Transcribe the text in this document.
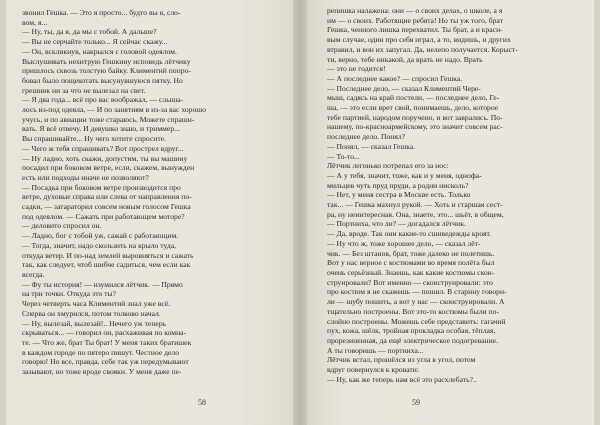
звонил Гешка. — Это я просто... будто вы я, сло-
вом, я...
— Ну, ты, да я, да мы с тобой. А дальше?
— Вы не серчайте только... Я сейчас скажу...
— Он, вскликнув, накрылся с головой одеялом.
Выслушивать нехитрую Гешкину исповедь лётчику
пришлось сквозь толстую байку. Климентий попро-
бовал было пощекотать высунувшуюся пятку. Но
грешник ни за что не вылезал на свет.
— Я два года... всё про вас воображал, — слыша-
лось из-под одеяла, — И по занятиям в из-за вас хорошо
учусь, и по авиации тоже стараюсь. Можете спраши-
вать. Я всё отвечу. И девушко знаю, и триммер...
Вы спрашивайте... Ну чего хотите спросите.
— Чего ж тебя спрашивать? Вот прострел вдруг...
— Ну ладно, хоть скажи, допустим, ты вы машину
посадил при боковом ветре, если, скажем, вынужден
есть или подходы иначе не позволяют?
— Посадка при боковом ветре производится про
ветре, духовые справа или слева от направления по-
садки, — затараторил совсем новым голосом Гешка
под одеялом. — Сажать при работающем моторе?
— деловито спросил он.
— Ладно, бог с тобой уж, сажай с работающим.
— Тогда, значит, надо скользить на крыло туда,
откуда ветер. И по-над землей выровняться и сажать
так, как следует, чтоб шибче садиться, чем если как
всегда.
— Фу ты история! — изумился лётчик. — Прямо
на три точки. Откуда это ты?
Через четверть часа Климентий знал уже всё.
Сперва он хмурился, потом толково начал.
— Ну, вылезай, вылезай!.. Нечего уж теперь
скрываться... — говорил он, расхаживая по комна-
те. — Что же, брат Ты брат! У меня таких братишек
в каждом городе по пятеро пишут. Честное дело
говорю! Но все, правда, себе так уж передумывают
зазывают, но тоже вроде свояки. У меня даже пе-
58
репишка налажена: они — о своих делах, о школе, а я
им — о своих. Работящие ребята! Но ты уж того, брат
Гешка, ченного лишка перехватил. Ты брат, а и краси-
вым случае, один про себя играл, а то, видишь, и других
втравил, и вон их запугал. Да, нелепо получается. Корыст-
ти, верно, тебе никакой, да врать не надо. Врать
— это не годится!
— А последнее какое? — спросил Гешка.
— Последнее дело, — сказал Климентий Чере-
мыш, садясь на край постели, — последнее дело, Ге-
ша, — это если врет свой, понимаешь, дело, которое
тебе партией, народом поручено, и вот заврались. По-
нашему, по-красноармейскому, это значит совсем рас-
последнее дело. Понял?
— Понял, — сказал Гешка.
— То-то...
Лётчик легонько потрепал его за нос:
— А у тебя, значит, тоже, как и у меня, однофа-
мильцев чуть пруд пруди, а родни нисколь?
— Нет, у меня сестра в Москве есть. Только
так... — Гешка махнул рукой. — Хоть и старшая сест-
ра, ну неинтересная. Она, знаете, это... шьёт, в общем,
— Портниха, что ли? — догадался лётчик.
— Да, вроде. Так они какие-то сшиведежды кроят.
— Ну что ж, тоже хорошее дело, — сказал лёт-
чик. — Без штанов, брат, тоже далеко не полетишь.
Вот у нас верное с костюмами во время полёта был
очень серьёзный. Знаешь, как какие костюмы скон-
струировали? Вот именно — сконструировали: это
про костюм я не скажешь — пошил. В старину говори-
ли — шубу пошить, а вот у нас — сконструировали. А
тщательно построены. Вот это-то костюмы были по-
слойно построены. Можешь себе представить: гагачий
пух, кожа, шёлк, тройная прокладка особая, тёплая,
прорезиненная, да ещё электрическое подогревание.
А ты говоришь — портниха...
Лётчик встал, прошёлся из угла в угол, потом
вдруг повернулся к кровати:
— Ну, как же теперь нам всё это расхлебать?..
59
